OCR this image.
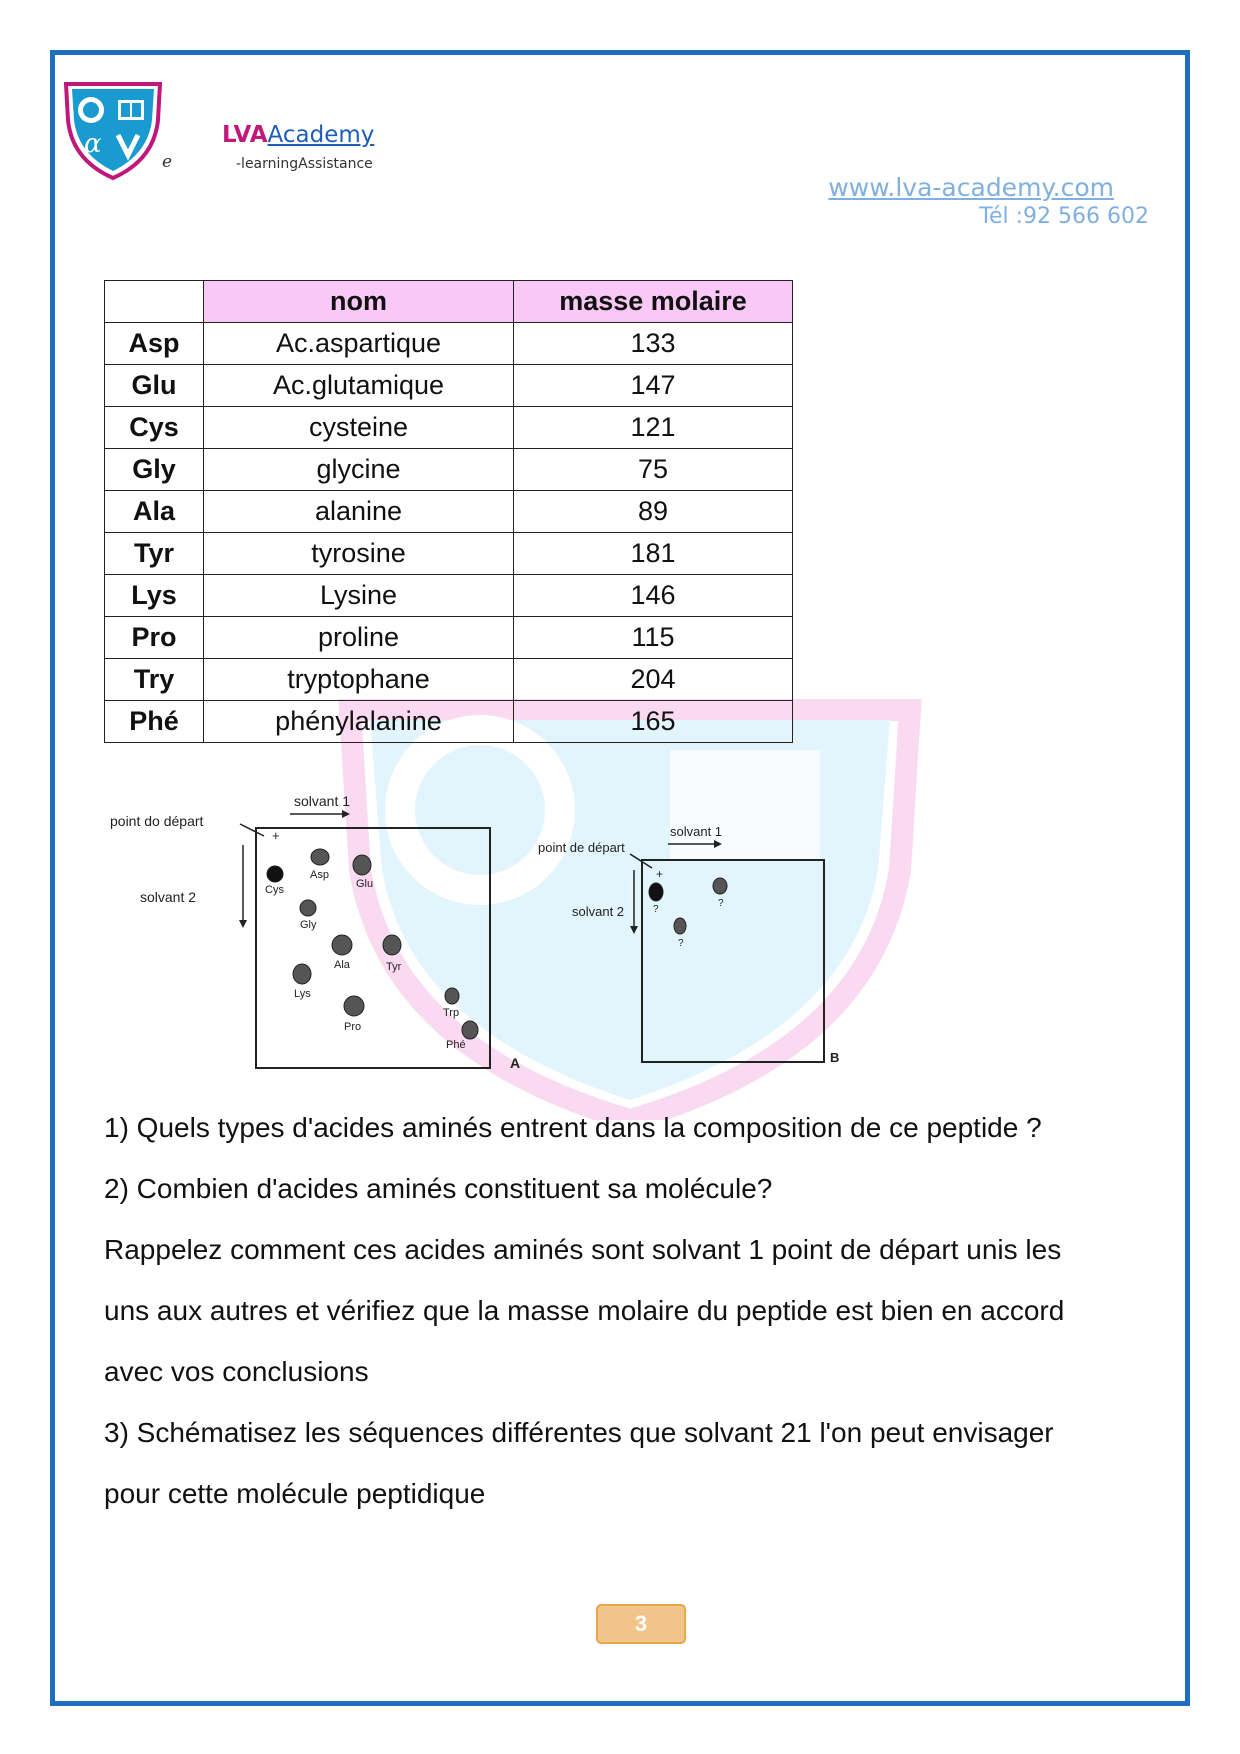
α	LVAAcademy
e	-learningAssistance
www.lva-academy.com
Tél :92 566 602
	nom	masse molaire
Asp	Ac.aspartique	133
Glu	Ac.glutamique	147
Cys	cysteine	121
Gly	glycine	75
Ala	alanine	89
Tyr	tyrosine	181
Lys	Lysine	146
Pro	proline	115
Try	tryptophane	204
Phé	phénylalanine	165
solvant 1
point do départ
solvant 2
A
+
Cys
Asp
Glu
Gly
Ala	Tyr
Lys
Pro
Trp
Phé
solvant 1
point de départ
solvant 2
B
+
?
?
?
1) Quels types d'acides aminés entrent dans la composition de ce peptide ?
2) Combien d'acides aminés constituent sa molécule?
Rappelez comment ces acides aminés sont solvant 1 point de départ unis les
uns aux autres et vérifiez que la masse molaire du peptide est bien en accord
avec vos conclusions
3) Schématisez les séquences différentes que solvant 21 l'on peut envisager
pour cette molécule peptidique
3
